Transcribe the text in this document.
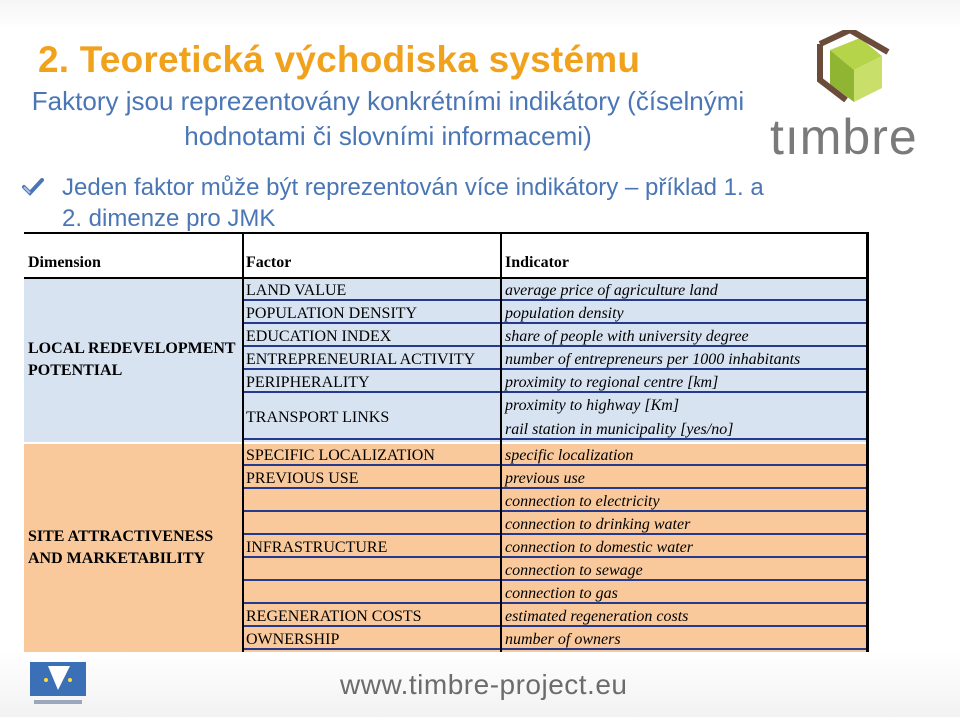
2. Teoretická východiska systému
Faktory jsou reprezentovány konkrétními indikátory (číselnými hodnotami či slovními informacemi)
Jeden faktor může být reprezentován více indikátory – příklad 1. a 2. dimenze pro JMK
tımbre
Dimension	Factor	Indicator
LOCAL REDEVELOPMENT
POTENTIAL
SITE ATTRACTIVENESS
AND MARKETABILITY
LAND VALUE
POPULATION DENSITY
EDUCATION INDEX
ENTREPRENEURIAL ACTIVITY
PERIPHERALITY
TRANSPORT LINKS
SPECIFIC LOCALIZATION
PREVIOUS USE
INFRASTRUCTURE
REGENERATION COSTS
OWNERSHIP
average price of agriculture land
population density
share of people with university degree
number of entrepreneurs per 1000 inhabitants
proximity to regional centre [km]
proximity to highway [Km]
rail station in municipality [yes/no]
specific localization
previous use
connection to electricity
connection to drinking water
connection to domestic water
connection to sewage
connection to gas
estimated regeneration costs
number of owners
www.timbre-project.eu
